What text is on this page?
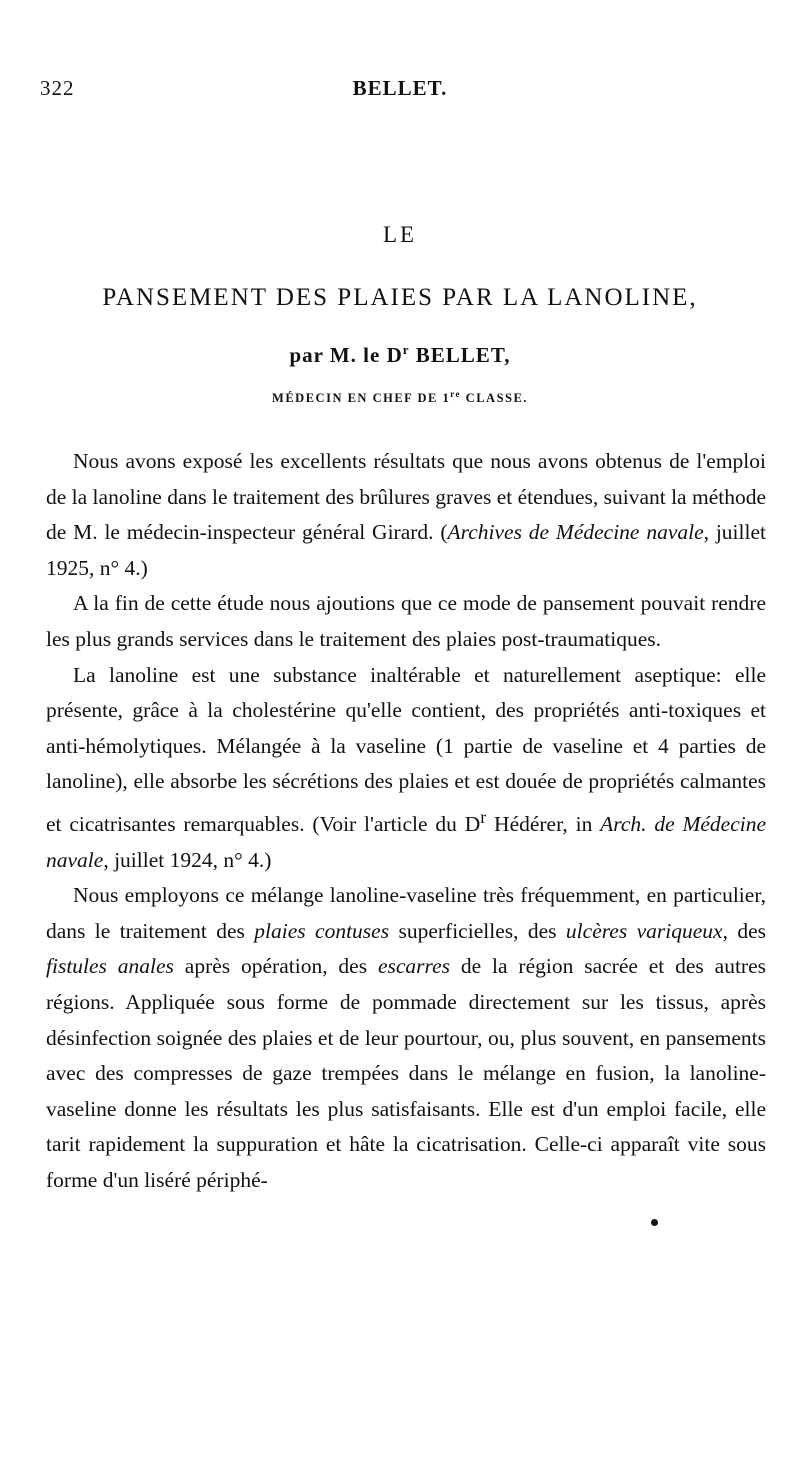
322	BELLET.
LE
PANSEMENT DES PLAIES PAR LA LANOLINE,
par M. le $D^r$ BELLET,
MÉDECIN EN CHEF DE 1re CLASSE.

Nous avons exposé les excellents résultats que nous avons obtenus de l'emploi de la lanoline dans le traitement des brûlures graves et étendues, suivant la méthode de M. le médecin-inspecteur général Girard. (Archives de Médecine navale, juillet 1925, n° 4.)

A la fin de cette étude nous ajoutions que ce mode de pansement pouvait rendre les plus grands services dans le traitement des plaies post-traumatiques.

La lanoline est une substance inaltérable et naturellement aseptique: elle présente, grâce à la cholestérine qu'elle contient, des propriétés anti-toxiques et anti-hémolytiques. Mélangée à la vaseline (1 partie de vaseline et 4 parties de lanoline), elle absorbe les sécrétions des plaies et est douée de propriétés calmantes et cicatrisantes remarquables. (Voir l'article du $D^r$ Hédérer, in Arch. de Médecine navale, juillet 1924, n° 4.)

Nous employons ce mélange lanoline-vaseline très fréquemment, en particulier, dans le traitement des plaies contuses superficielles, des ulcères variqueux, des fistules anales après opération, des escarres de la région sacrée et des autres régions. Appliquée sous forme de pommade directement sur les tissus, après désinfection soignée des plaies et de leur pourtour, ou, plus souvent, en pansements avec des compresses de gaze trempées dans le mélange en fusion, la lanoline-vaseline donne les résultats les plus satisfaisants. Elle est d'un emploi facile, elle tarit rapidement la suppuration et hâte la cicatrisation. Celle-ci apparaît vite sous forme d'un liséré périphé-
